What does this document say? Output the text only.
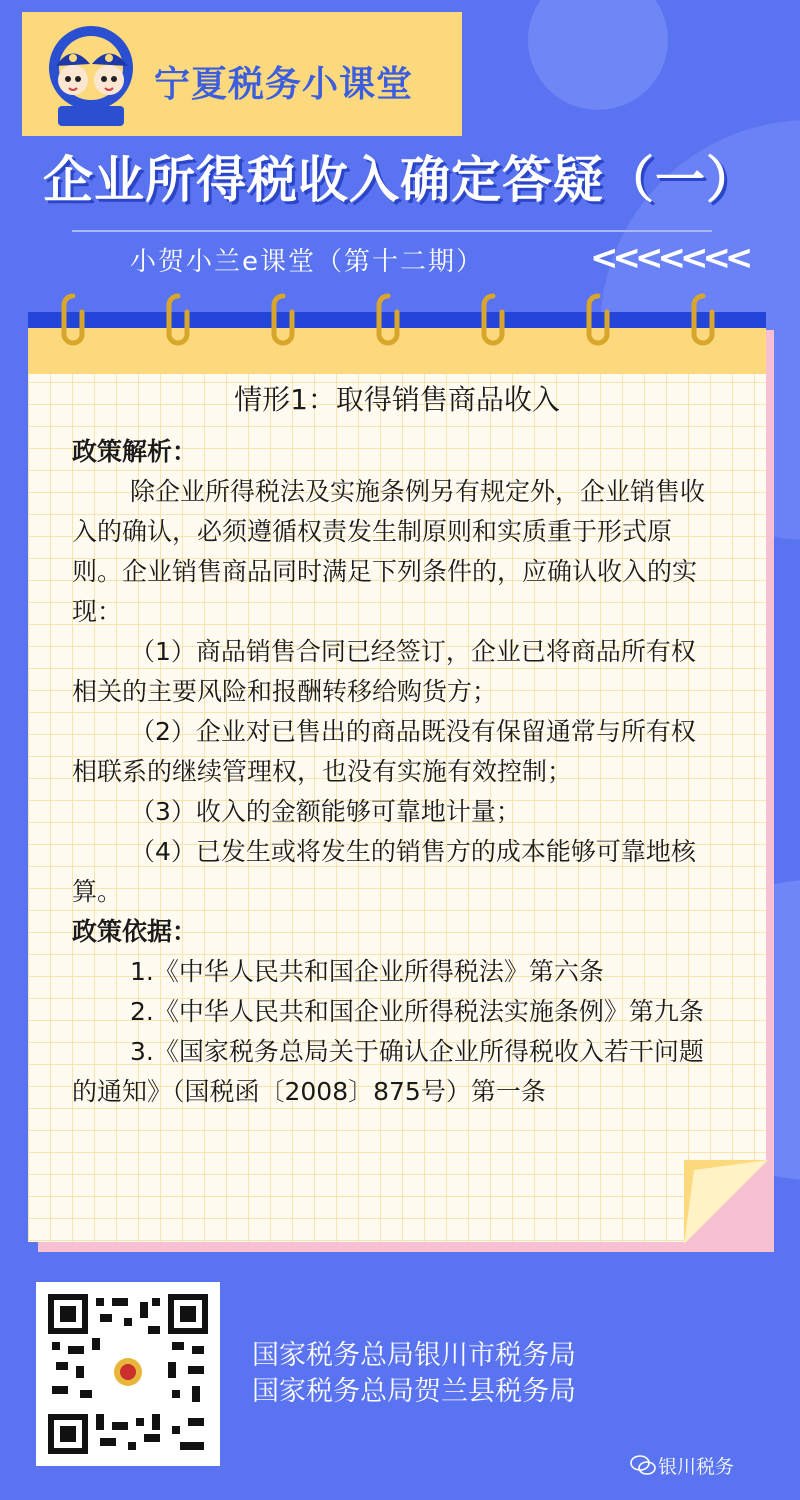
宁夏税务小课堂
企业所得税收入确定答疑（一）
小贺小兰e课堂（第十二期）	<<<<<<<
情形1：取得销售商品收入

政策解析：

除企业所得税法及实施条例另有规定外，企业销售收入的确认，必须遵循权责发生制原则和实质重于形式原则。企业销售商品同时满足下列条件的，应确认收入的实现：

（1）商品销售合同已经签订，企业已将商品所有权相关的主要风险和报酬转移给购货方；

（2）企业对已售出的商品既没有保留通常与所有权相联系的继续管理权，也没有实施有效控制；

（3）收入的金额能够可靠地计量；

（4）已发生或将发生的销售方的成本能够可靠地核算。

政策依据：

1.《中华人民共和国企业所得税法》第六条

2.《中华人民共和国企业所得税法实施条例》第九条

3.《国家税务总局关于确认企业所得税收入若干问题的通知》（国税函〔2008〕875号）第一条

国家税务总局银川市税务局
国家税务总局贺兰县税务局
银川税务
